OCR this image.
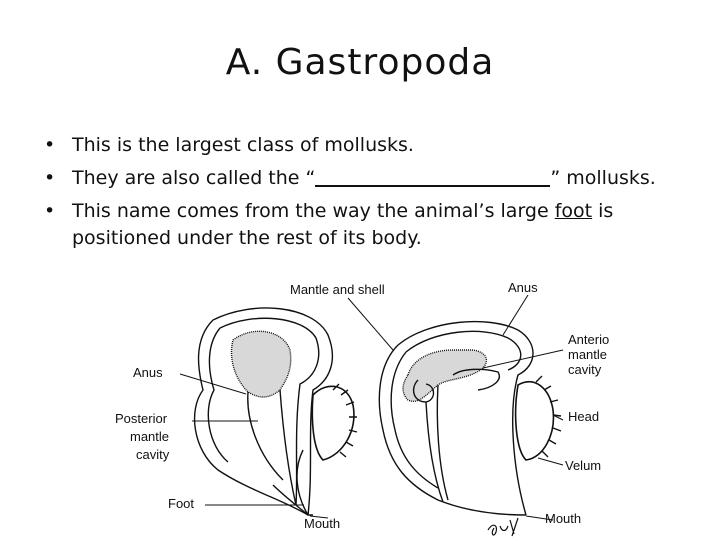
A. Gastropoda
• This is the largest class of mollusks.
• They are also called the “	” mollusks.
• This name comes from the way the animal’s large foot is positioned under the rest of its body.
Mantle and shell	Anus
Anterio
mantle
cavity
Anus
Posterior
mantle
cavity
Head
Velum
Foot
Mouth	Mouth
